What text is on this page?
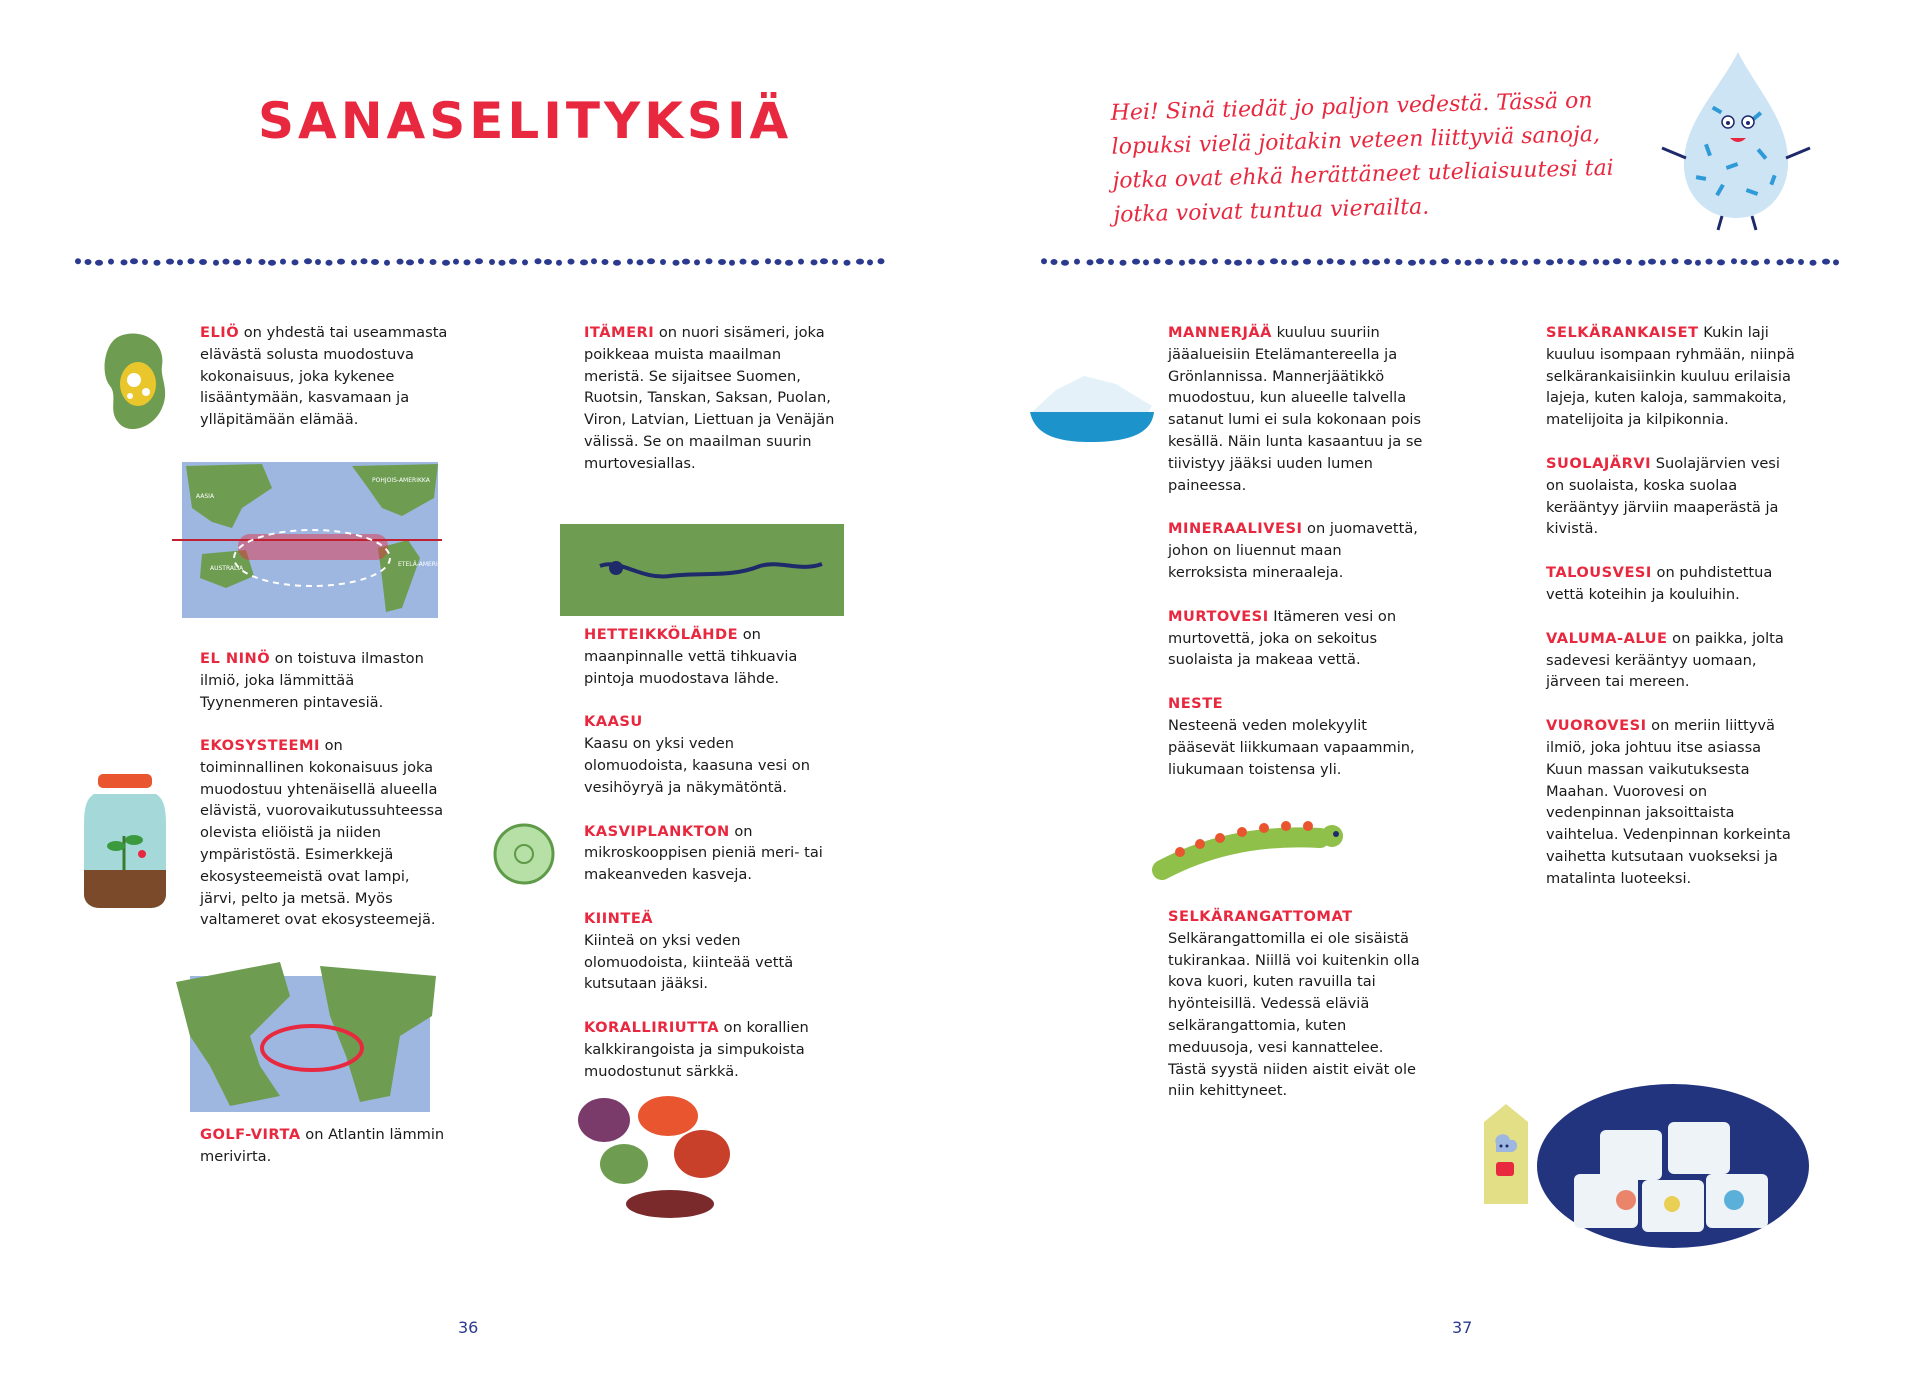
SANASELITYKSIÄ
AASIA
POHJOIS-AMERIKKA
AUSTRALIA
ETELÄ-AMERIKKA

ELIÖ on yhdestä tai useammasta elävästä solusta muodostuva kokonaisuus, joka kykenee lisääntymään, kasvamaan ja ylläpitämään elämää.

EL NINÖ on toistuva ilmaston ilmiö, joka lämmittää Tyynenmeren pintavesiä.

EKOSYSTEEMI on toiminnallinen kokonaisuus joka muodostuu yhtenäisellä alueella elävistä, vuorovaikutussuhteessa olevista eliöistä ja niiden ympäristöstä. Esimerkkejä ekosysteemeistä ovat lampi, järvi, pelto ja metsä. Myös valtameret ovat ekosysteemejä.

GOLF-VIRTA on Atlantin lämmin merivirta.

ITÄMERI on nuori sisämeri, joka poikkeaa muista maailman meristä. Se sijaitsee Suomen, Ruotsin, Tanskan, Saksan, Puolan, Viron, Latvian, Liettuan ja Venäjän välissä. Se on maailman suurin murtovesiallas.

HETTEIKKÖLÄHDE on maanpinnalle vettä tihkuavia pintoja muodostava lähde.

KAASU
Kaasu on yksi veden olomuodoista, kaasuna vesi on vesihöyryä ja näkymätöntä.

KASVIPLANKTON on mikroskooppisen pieniä meri- tai makeanveden kasveja.

KIINTEÄ
Kiinteä on yksi veden olomuodoista, kiinteää vettä kutsutaan jääksi.

KORALLIRIUTTA on korallien kalkkirangoista ja simpukoista muodostunut särkkä.

36
Hei! Sinä tiedät jo paljon vedestä. Tässä on lopuksi vielä joitakin veteen liittyviä sanoja, jotka ovat ehkä herättäneet uteliaisuutesi tai jotka voivat tuntua vierailta.

MANNERJÄÄ kuuluu suuriin jääalueisiin Etelämantereella ja Grönlannissa. Mannerjäätikkö muodostuu, kun alueelle talvella satanut lumi ei sula kokonaan pois kesällä. Näin lunta kasaantuu ja se tiivistyy jääksi uuden lumen paineessa.

MINERAALIVESI on juomavettä, johon on liuennut maan kerroksista mineraaleja.

MURTOVESI Itämeren vesi on murtovettä, joka on sekoitus suolaista ja makeaa vettä.

NESTE
Nesteenä veden molekyylit pääsevät liikkumaan vapaammin, liukumaan toistensa yli.

SELKÄRANGATTOMAT
Selkärangattomilla ei ole sisäistä tukirankaa. Niillä voi kuitenkin olla kova kuori, kuten ravuilla tai hyönteisillä. Vedessä eläviä selkärangattomia, kuten meduusoja, vesi kannattelee. Tästä syystä niiden aistit eivät ole niin kehittyneet.

SELKÄRANKAISET Kukin laji kuuluu isompaan ryhmään, niinpä selkärankaisiinkin kuuluu erilaisia lajeja, kuten kaloja, sammakoita, matelijoita ja kilpikonnia.

SUOLAJÄRVI Suolajärvien vesi on suolaista, koska suolaa kerääntyy järviin maaperästä ja kivistä.

TALOUSVESI on puhdistettua vettä koteihin ja kouluihin.

VALUMA-ALUE on paikka, jolta sadevesi kerääntyy uomaan, järveen tai mereen.

VUOROVESI on meriin liittyvä ilmiö, joka johtuu itse asiassa Kuun massan vaikutuksesta Maahan. Vuorovesi on vedenpinnan jaksoittaista vaihtelua. Vedenpinnan korkeinta vaihetta kutsutaan vuokseksi ja matalinta luoteeksi.

37
